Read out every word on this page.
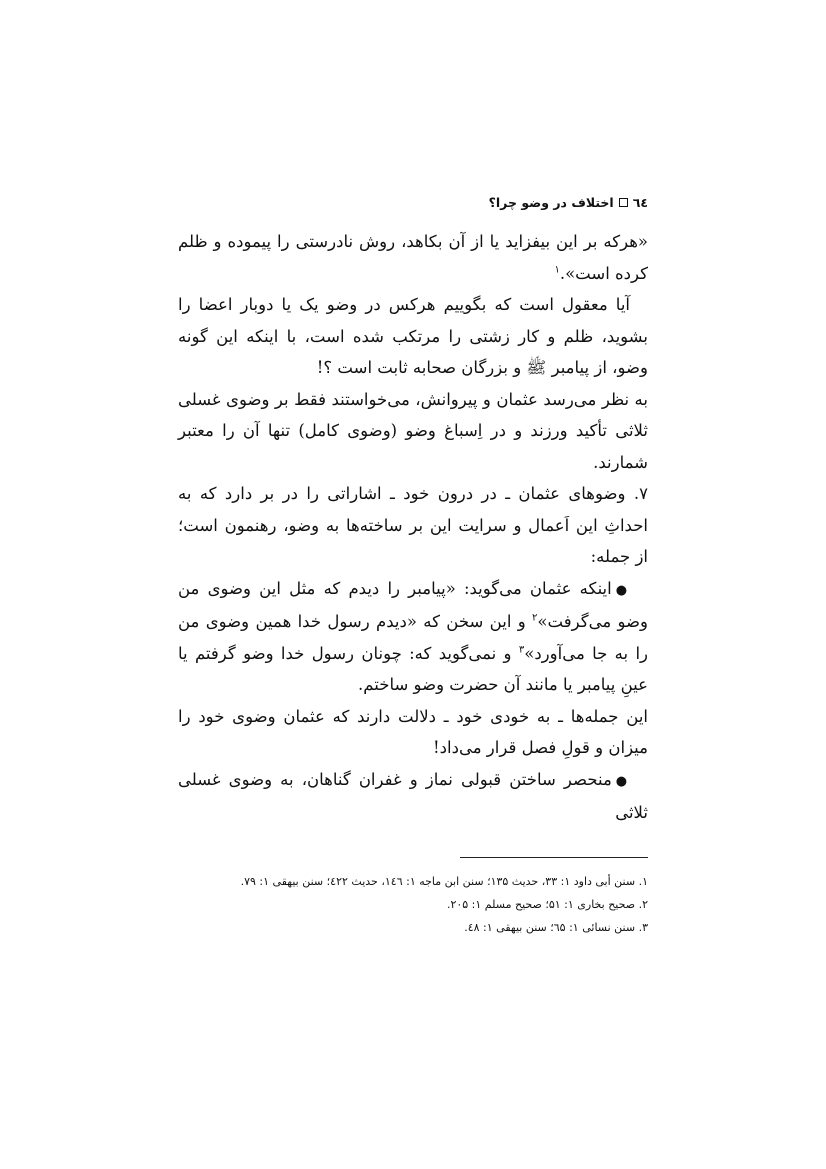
٦٤
اختلاف در وضو چرا؟

«هرکه بر این بیفزاید یا از آن بکاهد، روش نادرستی را پیموده و ظلم کرده است».$^۱$

آیا معقول است که بگوییم هرکس در وضو یک یا دوبار اعضا را بشوید، ظلم و کار زشتی را مرتکب شده است، با اینکه این گونه وضو، از پیامبر ﷺ و بزرگان صحابه ثابت است ؟!

به نظر می‌رسد عثمان و پیروانش، می‌خواستند فقط بر وضوی غسلی ثلاثی تأکید ورزند و در اِسباغ وضو (وضوی کامل) تنها آن را معتبر شمارند.

۷. وضوهای عثمان ـ در درون خود ـ اشاراتی را در بر دارد که به احداثِ این اَعمال و سرایت این بر ساخته‌ها به وضو، رهنمون است؛ از جمله:

●اینکه عثمان می‌گوید: «پیامبر را دیدم که مثل این وضوی من وضو می‌گرفت»$^۲$ و این سخن که «دیدم رسول خدا همین وضوی من را به جا می‌آورد»$^۳$ و نمی‌گوید که: چونان رسول خدا وضو گرفتم یا عینِ پیامبر یا مانند آن حضرت وضو ساختم.

این جمله‌ها ـ به خودی خود ـ دلالت دارند که عثمان وضوی خود را میزان و قولِ فصل قرار می‌داد!

●منحصر ساختن قبولی نماز و غفران گناهان، به وضوی غسلی ثلاثی

۱. سنن أبی داود ۱: ۳۳، حدیث ۱۳۵؛ سنن ابن ماجه ۱: ۱٤٦، حدیث ٤۲۲؛ سنن بیهقی ۱: ۷۹.

۲. صحیح بخاری ۱: ۵۱؛ صحیح مسلم ۱: ۲۰۵.

۳. سنن نسائی ۱: ٦۵؛ سنن بیهقی ۱: ٤۸.
